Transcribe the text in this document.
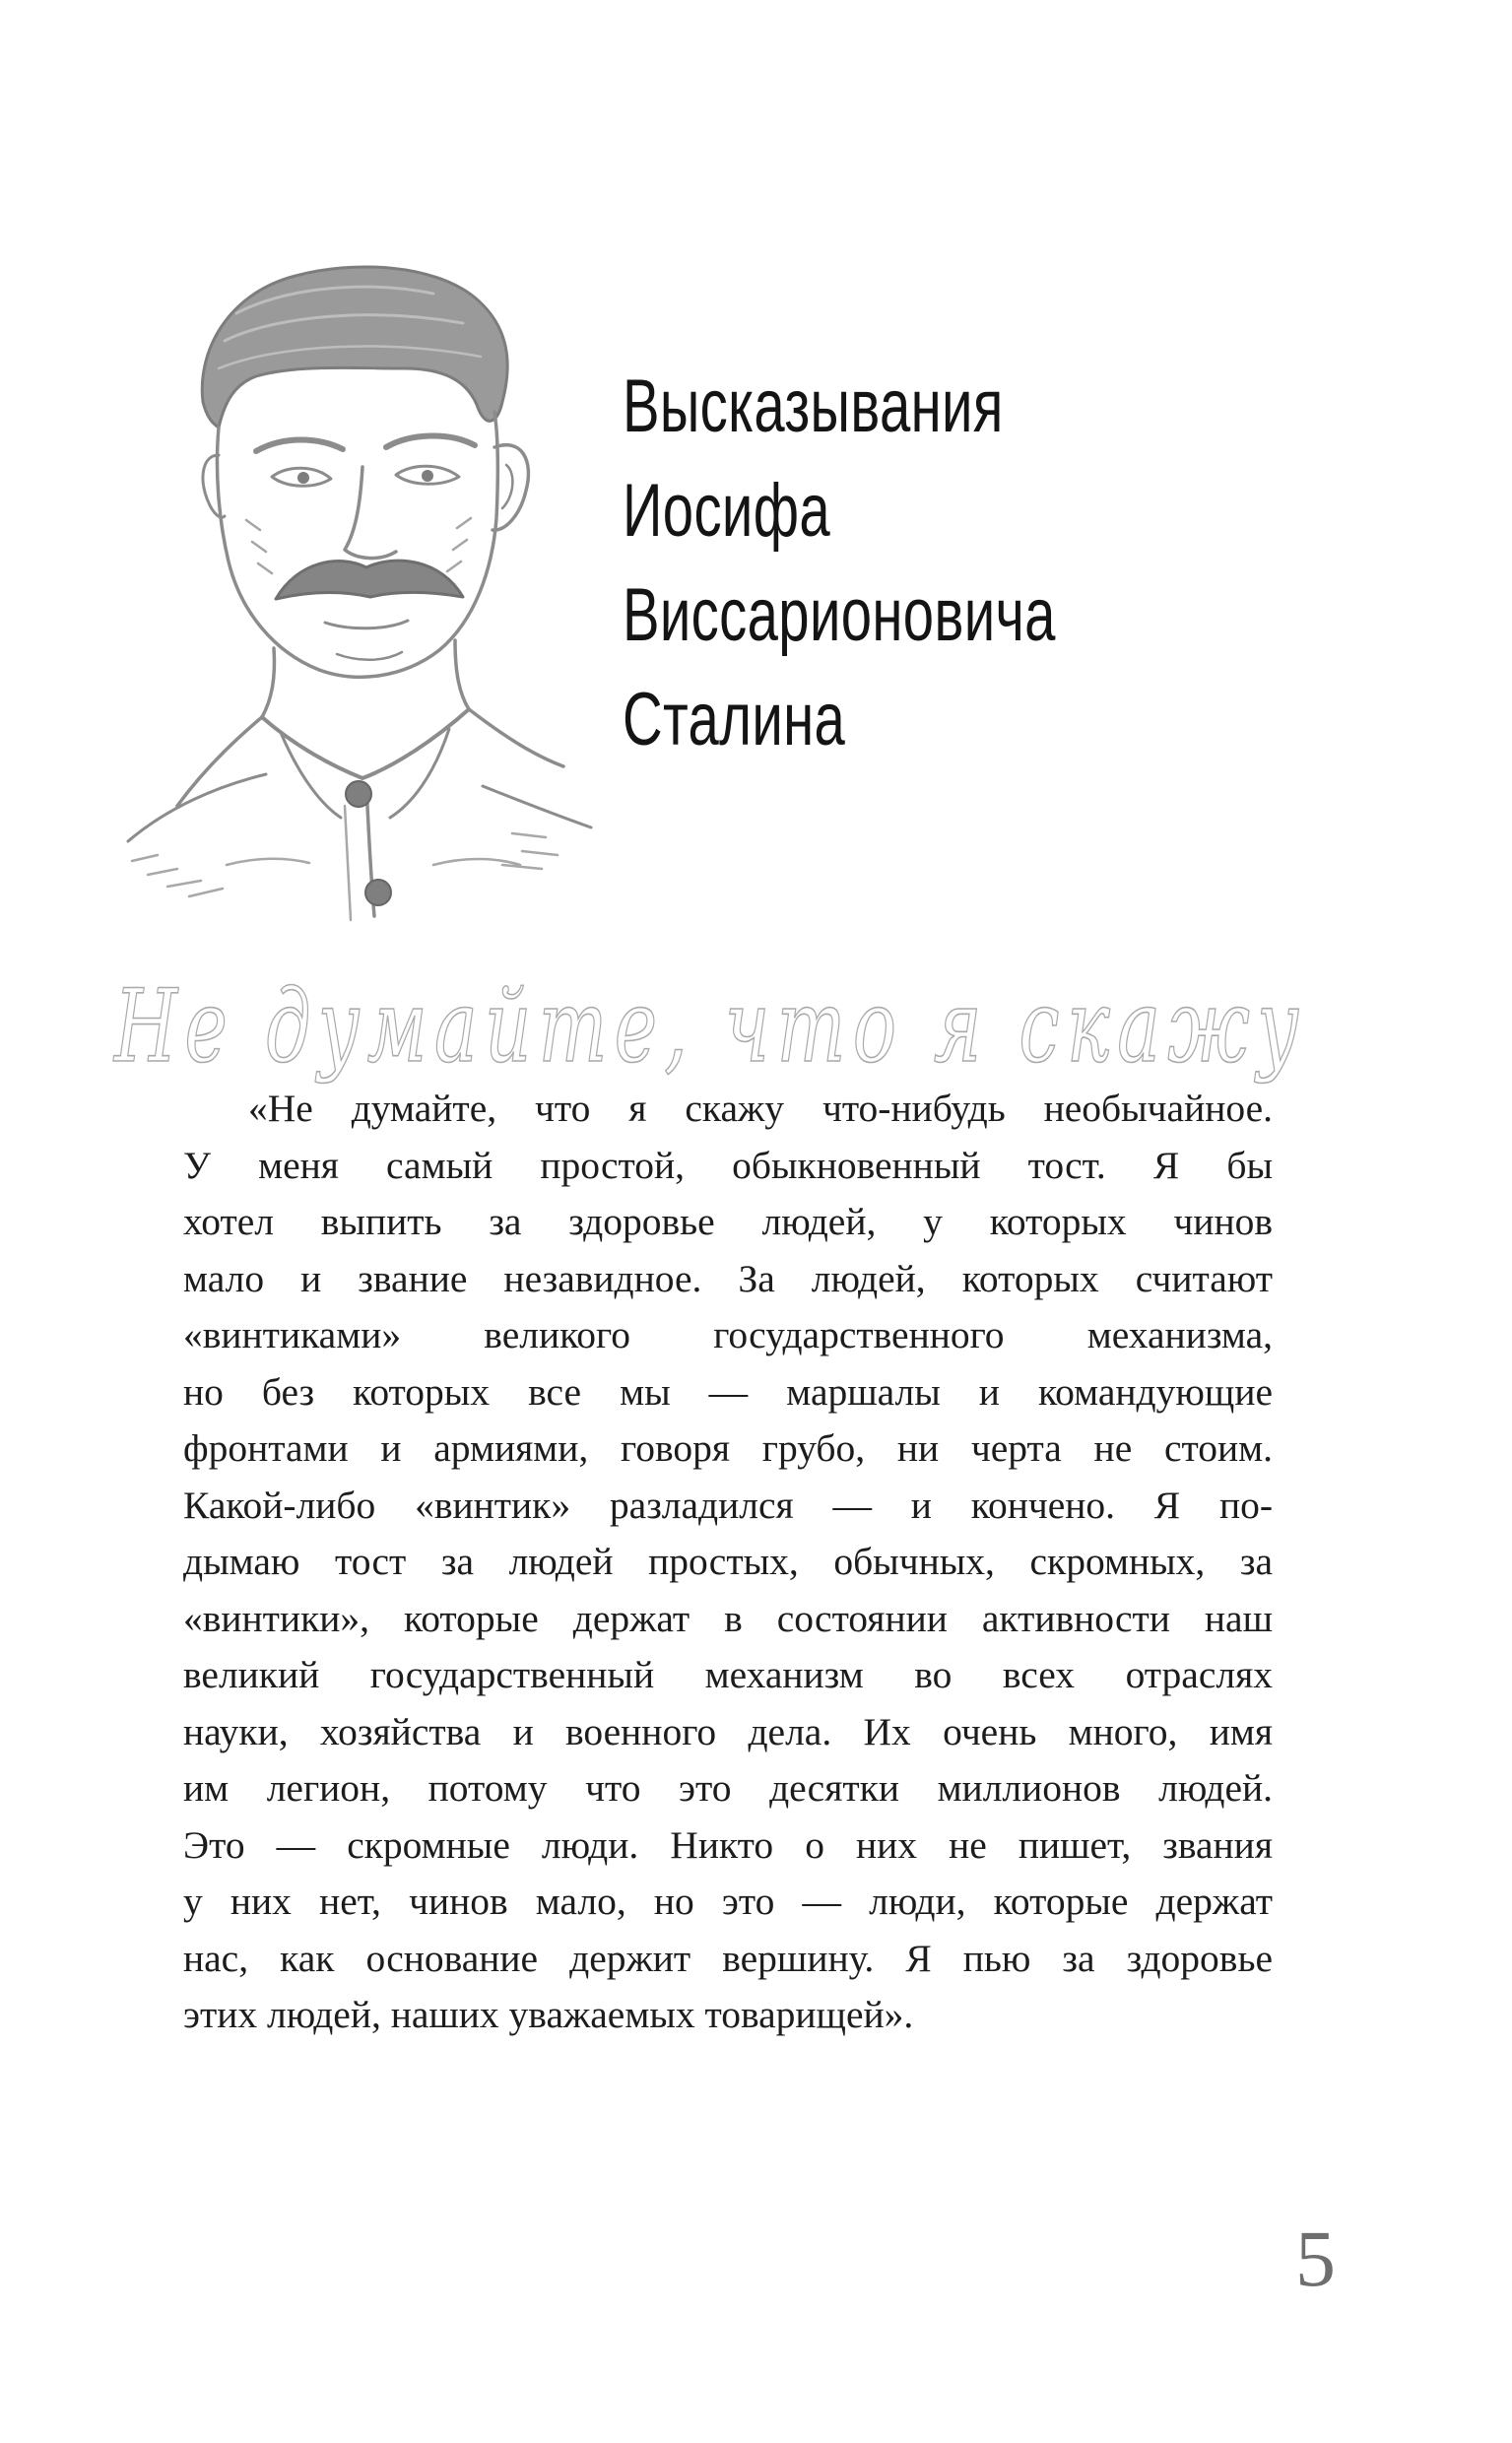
Высказывания
Иосифа
Виссарионовича
Сталина
Не думайте, что я скажу
«Не думайте, что я скажу что-нибудь необычайное.
У меня самый простой, обыкновенный тост. Я бы
хотел выпить за здоровье людей, у которых чинов
мало и звание незавидное. За людей, которых считают
«винтиками» великого государственного механизма,
но без которых все мы — маршалы и командующие
фронтами и армиями, говоря грубо, ни черта не стоим.
Какой-либо «винтик» разладился — и кончено. Я по-
дымаю тост за людей простых, обычных, скромных, за
«винтики», которые держат в состоянии активности наш
великий государственный механизм во всех отраслях
науки, хозяйства и военного дела. Их очень много, имя
им легион, потому что это десятки миллионов людей.
Это — скромные люди. Никто о них не пишет, звания
у них нет, чинов мало, но это — люди, которые держат
нас, как основание держит вершину. Я пью за здоровье
этих людей, наших уважаемых товарищей».
5
